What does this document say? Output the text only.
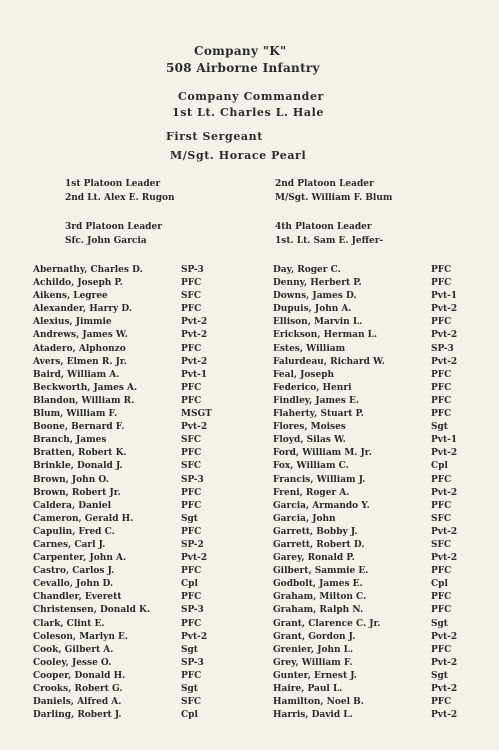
Company "K"
508 Airborne Infantry
Company Commander
1st Lt. Charles L. Hale
First Sergeant
M/Sgt. Horace Pearl
1st Platoon Leader
2nd Lt. Alex E. Rugon
2nd Platoon Leader
M/Sgt. William F. Blum
3rd Platoon Leader
Sfc. John Garcia
4th Platoon Leader
1st. Lt. Sam E. Jeffer-
Abernathy, Charles D.	SP-3	Day, Roger C.	PFC
Achildo, Joseph P.	PFC	Denny, Herbert P.	PFC
Aikens, Legree	SFC	Downs, James D.	Pvt-1
Alexander, Harry D.	PFC	Dupuis, John A.	Pvt-2
Alexius, Jimmie	Pvt-2	Ellison, Marvin L.	PFC
Andrews, James W.	Pvt-2	Erickson, Herman L.	Pvt-2
Atadero, Alphonzo	PFC	Estes, William	SP-3
Avers, Elmen R. Jr.	Pvt-2	Falurdeau, Richard W.	Pvt-2
Baird, William A.	Pvt-1	Feal, Joseph	PFC
Beckworth, James A.	PFC	Federico, Henri	PFC
Blandon, William R.	PFC	Findley, James E.	PFC
Blum, William F.	MSGT	Flaherty, Stuart P.	PFC
Boone, Bernard F.	Pvt-2	Flores, Moises	Sgt
Branch, James	SFC	Floyd, Silas W.	Pvt-1
Bratten, Robert K.	PFC	Ford, William M. Jr.	Pvt-2
Brinkle, Donald J.	SFC	Fox, William C.	Cpl
Brown, John O.	SP-3	Francis, William J.	PFC
Brown, Robert Jr.	PFC	Freni, Roger A.	Pvt-2
Caldera, Daniel	PFC	Garcia, Armando Y.	PFC
Cameron, Gerald H.	Sgt	Garcia, John	SFC
Capulin, Fred C.	PFC	Garrett, Bobby J.	Pvt-2
Carnes, Carl J.	SP-2	Garrett, Robert D.	SFC
Carpenter, John A.	Pvt-2	Garey, Ronald P.	Pvt-2
Castro, Carlos J.	PFC	Gilbert, Sammie E.	PFC
Cevallo, John D.	Cpl	Godbolt, James E.	Cpl
Chandler, Everett	PFC	Graham, Milton C.	PFC
Christensen, Donald K.	SP-3	Graham, Ralph N.	PFC
Clark, Clint E.	PFC	Grant, Clarence C. Jr.	Sgt
Coleson, Marlyn E.	Pvt-2	Grant, Gordon J.	Pvt-2
Cook, Gilbert A.	Sgt	Grenier, John L.	PFC
Cooley, Jesse O.	SP-3	Grey, William F.	Pvt-2
Cooper, Donald H.	PFC	Gunter, Ernest J.	Sgt
Crooks, Robert G.	Sgt	Haire, Paul L.	Pvt-2
Daniels, Alfred A.	SFC	Hamilton, Noel B.	PFC
Darling, Robert J.	Cpl	Harris, David L.	Pvt-2
